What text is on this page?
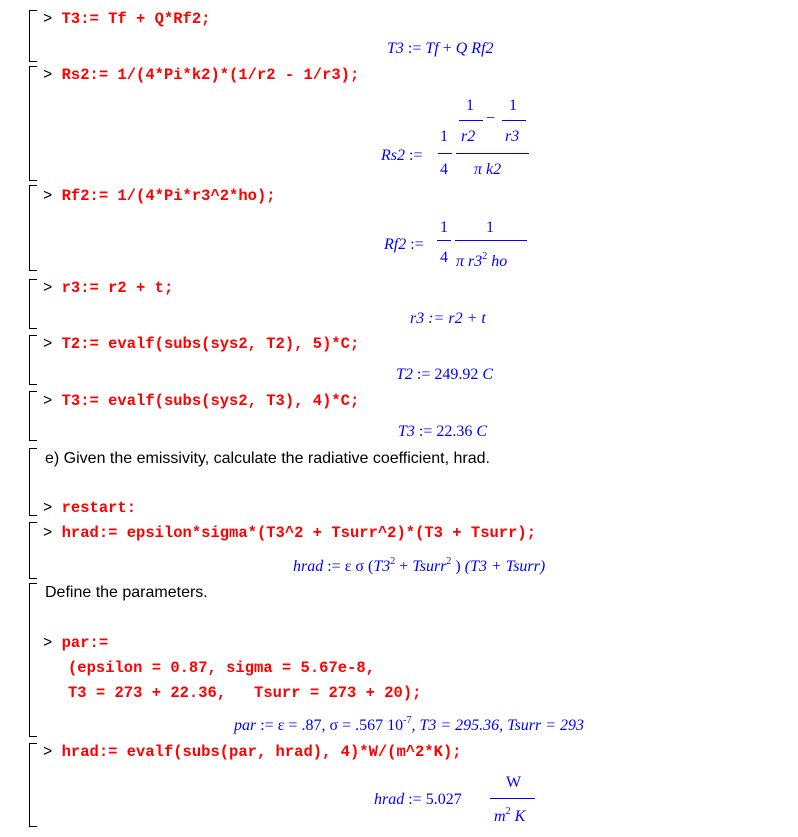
> T3:= Tf + Q*Rf2;
T3 := Tf + Q Rf2
> Rs2:= 1/(4*Pi*k2)*(1/r2 - 1/r3);
Rs2 :=
1
4
1
r2
−
1
r3
π k2
> Rf2:= 1/(4*Pi*r3^2*ho);
Rf2 :=
1
4
1
π $r3^2$ ho
> r3:= r2 + t;
r3 := r2 + t
> T2:= evalf(subs(sys2, T2), 5)*C;
T2 := 249.92 C
> T3:= evalf(subs(sys2, T3), 4)*C;
T3 := 22.36 C
e) Given the emissivity, calculate the radiative coefficient, hrad.
> restart:
> hrad:= epsilon*sigma*(T3^2 + Tsurr^2)*(T3 + Tsurr);
hrad := ε σ ($T3^2$ + Tsurr$^2$ ) (T3 + Tsurr)
Define the parameters.
> par:=
(epsilon = 0.87, sigma = 5.67e-8,
T3 = 273 + 22.36,   Tsurr = 273 + 20);
par := ε = .87, σ = .567 $10^{-7}$, T3 = 295.36, Tsurr = 293
> hrad:= evalf(subs(par, hrad), 4)*W/(m^2*K);
hrad := 5.027
W
$m^2$ K
